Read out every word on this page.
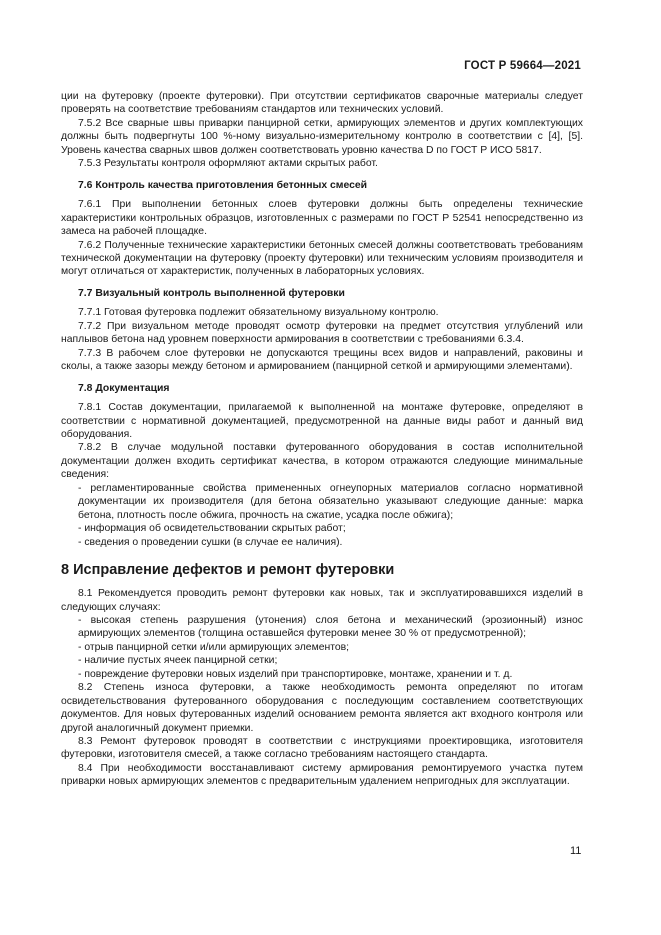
ГОСТ Р 59664—2021

ции на футеровку (проекте футеровки). При отсутствии сертификатов сварочные материалы следует проверять на соответствие требованиям стандартов или технических условий.

7.5.2 Все сварные швы приварки панцирной сетки, армирующих элементов и других комплектующих должны быть подвергнуты 100 %-ному визуально-измерительному контролю в соответствии с [4], [5]. Уровень качества сварных швов должен соответствовать уровню качества D по ГОСТ Р ИСО 5817.

7.5.3 Результаты контроля оформляют актами скрытых работ.

7.6 Контроль качества приготовления бетонных смесей

7.6.1 При выполнении бетонных слоев футеровки должны быть определены технические характеристики контрольных образцов, изготовленных с размерами по ГОСТ Р 52541 непосредственно из замеса на рабочей площадке.

7.6.2 Полученные технические характеристики бетонных смесей должны соответствовать требованиям технической документации на футеровку (проекту футеровки) или техническим условиям производителя и могут отличаться от характеристик, полученных в лабораторных условиях.

7.7 Визуальный контроль выполненной футеровки

7.7.1 Готовая футеровка подлежит обязательному визуальному контролю.

7.7.2 При визуальном методе проводят осмотр футеровки на предмет отсутствия углублений или наплывов бетона над уровнем поверхности армирования в соответствии с требованиями 6.3.4.

7.7.3 В рабочем слое футеровки не допускаются трещины всех видов и направлений, раковины и сколы, а также зазоры между бетоном и армированием (панцирной сеткой и армирующими элементами).

7.8 Документация

7.8.1 Состав документации, прилагаемой к выполненной на монтаже футеровке, определяют в соответствии с нормативной документацией, предусмотренной на данные виды работ и данный вид оборудования.

7.8.2 В случае модульной поставки футерованного оборудования в состав исполнительной документации должен входить сертификат качества, в котором отражаются следующие минимальные сведения:

- регламентированные свойства примененных огнеупорных материалов согласно нормативной документации их производителя (для бетона обязательно указывают следующие данные: марка бетона, плотность после обжига, прочность на сжатие, усадка после обжига);

- информация об освидетельствовании скрытых работ;

- сведения о проведении сушки (в случае ее наличия).

8 Исправление дефектов и ремонт футеровки

8.1 Рекомендуется проводить ремонт футеровки как новых, так и эксплуатировавшихся изделий в следующих случаях:

- высокая степень разрушения (утонения) слоя бетона и механический (эрозионный) износ армирующих элементов (толщина оставшейся футеровки менее 30 % от предусмотренной);

- отрыв панцирной сетки и/или армирующих элементов;

- наличие пустых ячеек панцирной сетки;

- повреждение футеровки новых изделий при транспортировке, монтаже, хранении и т. д.

8.2 Степень износа футеровки, а также необходимость ремонта определяют по итогам освидетельствования футерованного оборудования с последующим составлением соответствующих документов. Для новых футерованных изделий основанием ремонта является акт входного контроля или другой аналогичный документ приемки.

8.3 Ремонт футеровок проводят в соответствии с инструкциями проектировщика, изготовителя футеровки, изготовителя смесей, а также согласно требованиям настоящего стандарта.

8.4 При необходимости восстанавливают систему армирования ремонтируемого участка путем приварки новых армирующих элементов с предварительным удалением непригодных для эксплуатации.

11
